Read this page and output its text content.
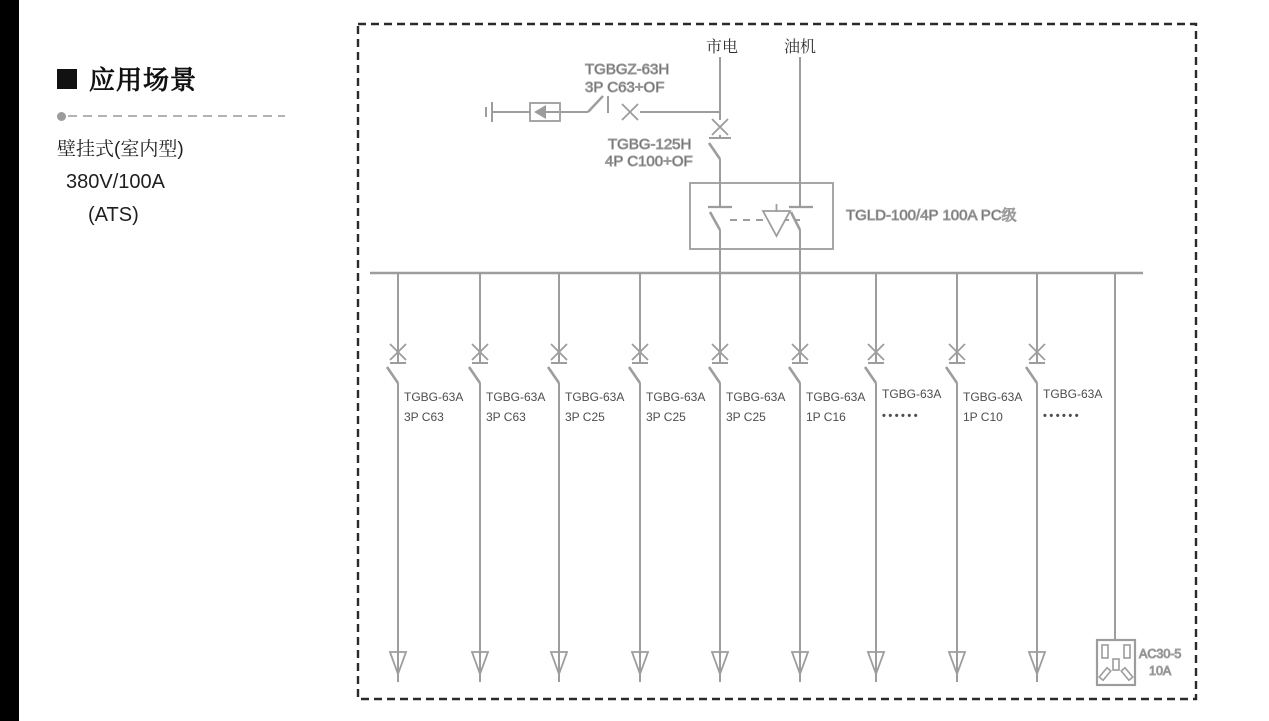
应用场景
壁挂式(室内型)
380V/100A
(ATS)
市电	油机
TGBGZ-63H
3P C63+OF
TGBG-125H
4P C100+OF
TGLD-100/4P 100A PC级
TGBG-63A
3P C63
TGBG-63A
3P C63
TGBG-63A
3P C25
TGBG-63A
3P C25
TGBG-63A
3P C25
TGBG-63A
1P C16
TGBG-63A
••••••
TGBG-63A
1P C10
TGBG-63A
••••••
AC30-5
10A
